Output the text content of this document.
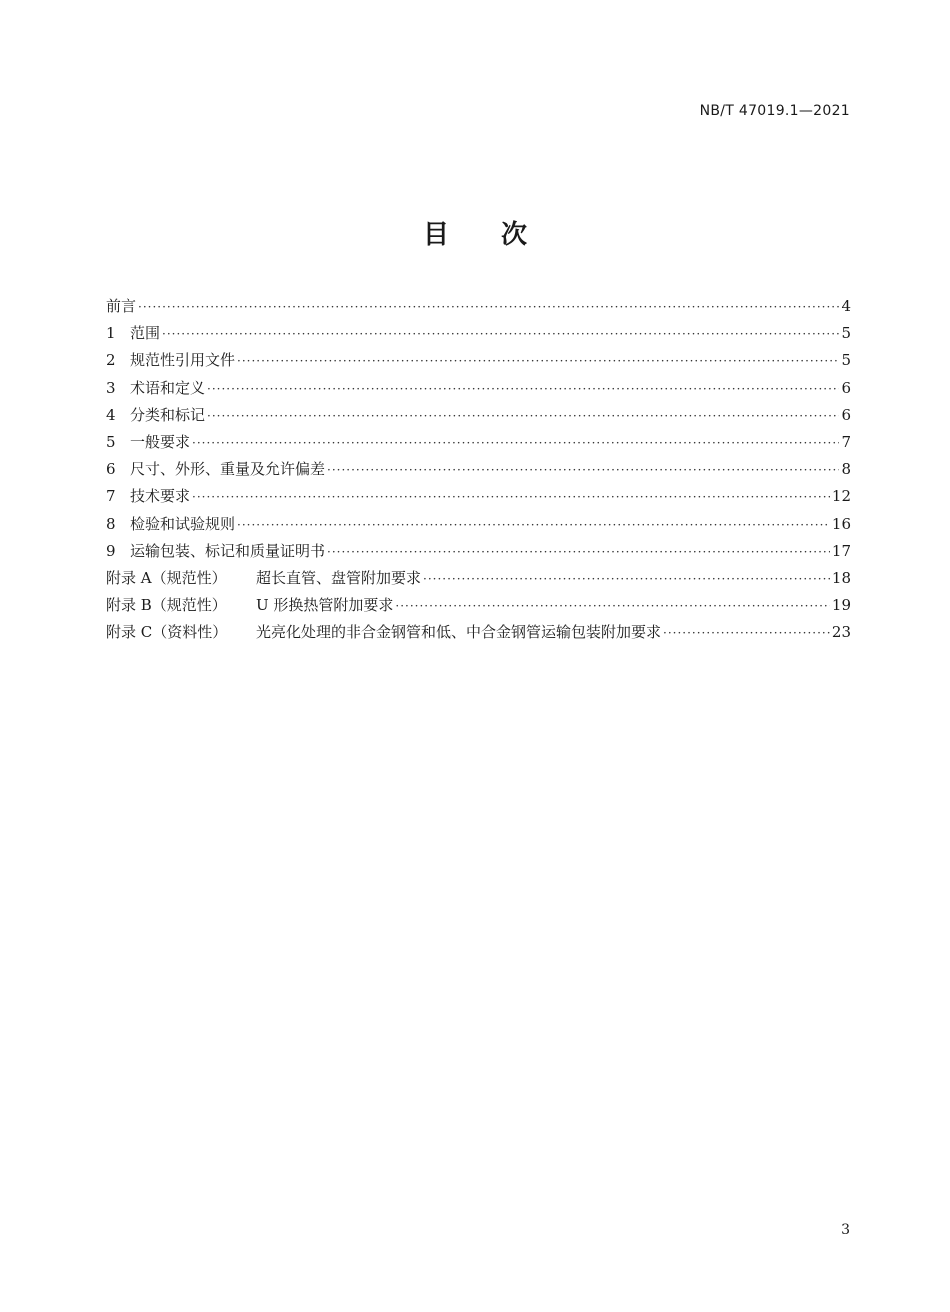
NB/T 47019.1—2021
目 次
前言 ·····	4
1 范围 ·····	5
2 规范性引用文件 ·····	5
3 术语和定义 ·····	6
4 分类和标记 ·····	6
5 一般要求 ·····	7
6 尺寸、外形、重量及允许偏差 ·····	8
7 技术要求 ·····	12
8 检验和试验规则 ·····	16
9 运输包装、标记和质量证明书 ·····	17
附录 A（规范性）	超长直管、盘管附加要求 ·····	18
附录 B（规范性）	U 形换热管附加要求 ·····	19
附录 C（资料性）	光亮化处理的非合金钢管和低、中合金钢管运输包装附加要求 ·····	23
3
